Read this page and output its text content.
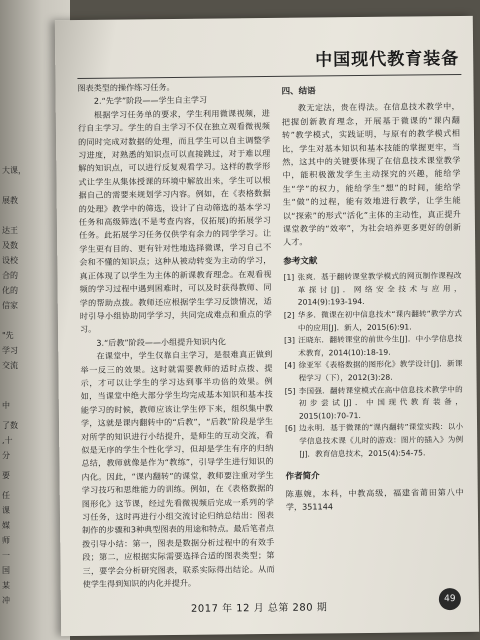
大课，
展教
达王
及数
设校
合的
化的
信家
"先
学习
交流
中
了数
,十
分
要
任
课
媒
师
一
国
某
冲
中国现代教育装备

图表类型的操作练习任务。

2.“先学”阶段——学生自主学习

根据学习任务单的要求，学生利用微课视频，进行自主学习。学生的自主学习不仅在独立观看微视频的同时完成对数据的处理，而且学生可以自主调整学习进度，对熟悉的知识点可以直接跳过，对于难以理解的知识点，可以进行反复观看学习。这样的教学形式让学生从集体授课的环境中解放出来，学生可以根据自己的需要来规划学习内容。例如，在《表格数据的处理》教学中的筛选，设计了自动筛选的基本学习任务和高级筛选(不是考查内容，仅拓展)的拓展学习任务。此拓展学习任务仅供学有余力的同学学习。让学生更有目的、更有针对性地选择微课，学习自己不会和不懂的知识点；这种从被动转变为主动的学习，真正体现了以学生为主体的新课教育理念。在观看视频的学习过程中遇到困难时，可以及时获得教师、同学的帮助点拨。教师还应根据学生学习反馈情况，适时引导小组协助同学学习，共同完成难点和重点的学习。

3.“后教”阶段——小组提升知识内化

在课堂中，学生仅靠自主学习，是很难真正做到举一反三的效果。这时就需要教师的适时点拨、提示，才可以让学生的学习达到事半功倍的效果。例如，当课堂中绝大部分学生均完成基本知识和基本技能学习的时候，教师应该让学生停下来，组织集中教学，这就是课内翻转中的“后教”，“后教”阶段是学生对所学的知识进行小结提升，是师生的互动交流，看似是无序的学生个性化学习，但却是学生有序的归纳总结，教师就像是作为“教练”，引导学生进行知识的内化。因此，“课内翻转”的课堂，教师要注重对学生学习技巧和思维能力的训练。例如，在《表格数据的图形化》这节课，经过先看微视频后完成一系列的学习任务，这时再进行小组交流讨论归纳总结出：图表制作的步骤和3种典型图表的用途和特点。最后笔者点拨引导小结：第一，图表是数据分析过程中的有效手段；第二，应根据实际需要选择合适的图表类型；第三，要学会分析研究图表，联系实际得出结论。从而使学生得到知识的内化并提升。

四、结语

教无定法，贵在得法。在信息技术教学中，把握创新教育理念，开展基于微课的“课内翻转”教学模式，实践证明，与原有的教学模式相比，学生对基本知识和基本技能的掌握更牢，当然，这其中的关键要体现了在信息技术课堂教学中，能积极激发学生主动探究的兴趣，能给学生“学”的权力，能给学生“想”的时间，能给学生“做”的过程，能有效地进行教学，让学生能以“探索”的形式“活化”主体的主动性，真正提升课堂教学的“效率”，为社会培养更多更好的创新人才。

参考文献

[1] 张爽．基于翻转课堂教学模式的网页制作课程改革探讨[J]．网络安全技术与应用，2014(9):193-194.

[2] 华多．微课在初中信息技术“课内翻转”教学方式中的应用[J]．新人，2015(6):91.

[3] 汪晓东．翻转课堂的前世今生[J]．中小学信息技术教育，2014(10):18-19.

[4] 徐亚军《表格数据的图形化》教学设计[J]．新课程学习（下），2012(3):28.

[5] 李国强．翻转课堂模式在高中信息技术教学中的初步尝试[J]．中国现代教育装备，2015(10):70-71.

[6] 边永明．基于微课的“课内翻转”课堂实践：以小学信息技术课《儿时的游戏：图片的插入》为例[J]．教育信息技术，2015(4):54-75.

作者简介

陈惠婉，本科，中教高级，福建省莆田第八中学，351144

2017 年 12 月 总第 280 期
49
